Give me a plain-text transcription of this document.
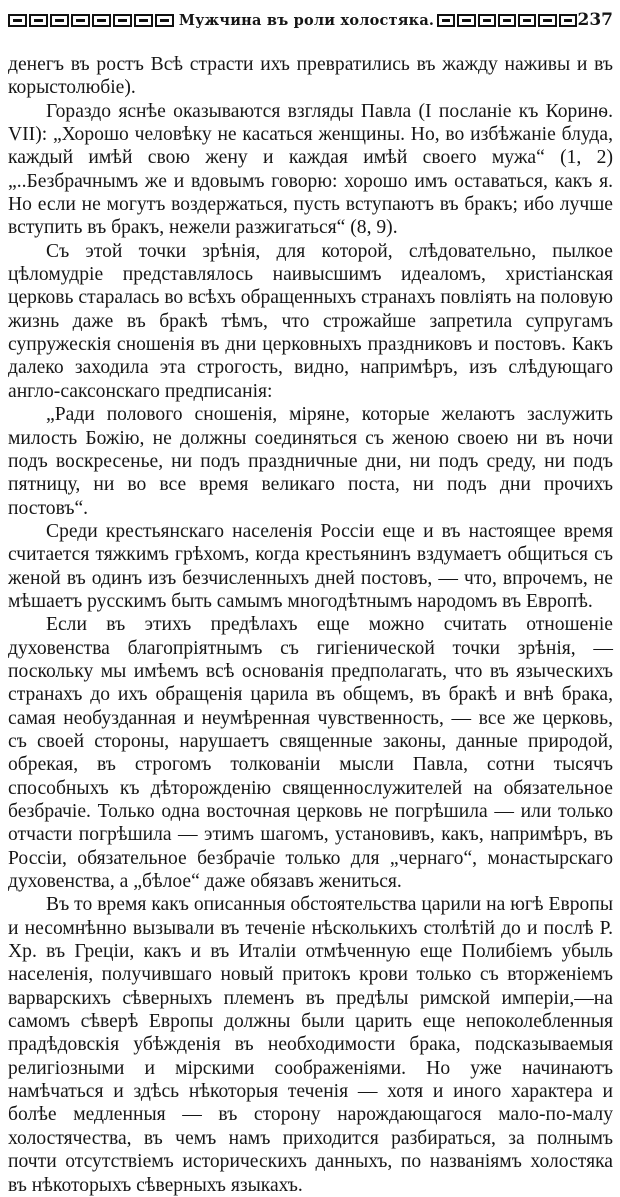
Мужчина въ роли холостяка.	237

денегъ въ ростъ Всѣ страсти ихъ превратились въ жажду наживы и въ корыстолюбіе).

Гораздо яснѣе оказываются взгляды Павла (I посланіе къ Коринѳ. VII): „Хорошо человѣку не касаться женщины. Но, во избѣжаніе блуда, каждый имѣй свою жену и каждая имѣй своего мужа“ (1, 2) „..Безбрачнымъ же и вдовымъ говорю: хорошо имъ оставаться, какъ я. Но если не могутъ воздержаться, пусть вступаютъ въ бракъ; ибо лучше вступить въ бракъ, нежели разжигаться“ (8, 9).

Съ этой точки зрѣнія, для которой, слѣдовательно, пылкое цѣломудріе представлялось наивысшимъ идеаломъ, христіанская церковь старалась во всѣхъ обращенныхъ странахъ повліять на половую жизнь даже въ бракѣ тѣмъ, что строжайше запретила супругамъ супружескія сношенія въ дни церковныхъ праздниковъ и постовъ. Какъ далеко заходила эта строгость, видно, напримѣръ, изъ слѣдующаго англо-саксонскаго предписанія:

„Ради полового сношенія, міряне, которые желаютъ заслужить милость Божію, не должны соединяться съ женою своею ни въ ночи подъ воскресенье, ни подъ праздничные дни, ни подъ среду, ни подъ пятницу, ни во все время великаго поста, ни подъ дни прочихъ постовъ“.

Среди крестьянскаго населенія Россіи еще и въ настоящее время считается тяжкимъ грѣхомъ, когда крестьянинъ вздумаетъ общиться съ женой въ одинъ изъ безчисленныхъ дней постовъ, — что, впрочемъ, не мѣшаетъ русскимъ быть самымъ многодѣтнымъ народомъ въ Европѣ.

Если въ этихъ предѣлахъ еще можно считать отношеніе духовенства благопріятнымъ съ гигіенической точки зрѣнія, — поскольку мы имѣемъ всѣ основанія предполагать, что въ языческихъ странахъ до ихъ обращенія царила въ общемъ, въ бракѣ и внѣ брака, самая необузданная и неумѣренная чувственность, — все же церковь, съ своей стороны, нарушаетъ священные законы, данные природой, обрекая, въ строгомъ толкованіи мысли Павла, сотни тысячъ способныхъ къ дѣторожденію священнослужителей на обязательное безбрачіе. Только одна восточная церковь не погрѣшила — или только отчасти погрѣшила — этимъ шагомъ, установивъ, какъ, напримѣръ, въ Россіи, обязательное безбрачіе только для „чернаго“, монастырскаго духовенства, а „бѣлое“ даже обязавъ жениться.

Въ то время какъ описанныя обстоятельства царили на югѣ Европы и несомнѣнно вызывали въ теченіе нѣсколькихъ столѣтій до и послѣ Р. Хр. въ Греціи, какъ и въ Италіи отмѣченную еще Полибіемъ убыль населенія, получившаго новый притокъ крови только съ вторженіемъ варварскихъ сѣверныхъ племенъ въ предѣлы римской имперіи,—на самомъ сѣверѣ Европы должны были царить еще непоколебленныя прадѣдовскія убѣжденія въ необходимости брака, подсказываемыя религіозными и мірскими соображеніями. Но уже начинаютъ намѣчаться и здѣсь нѣкоторыя теченія — хотя и иного характера и болѣе медленныя — въ сторону нарождающагося мало-по-малу холостячества, въ чемъ намъ приходится разбираться, за полнымъ почти отсутствіемъ историческихъ данныхъ, по названіямъ холостяка въ нѣкоторыхъ сѣверныхъ языкахъ.
